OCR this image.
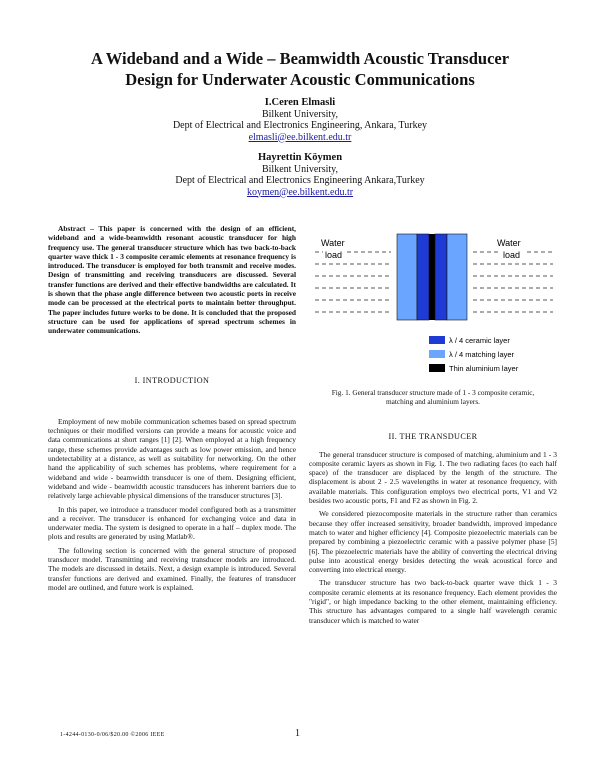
A Wideband and a Wide – Beamwidth Acoustic Transducer
Design for Underwater Acoustic Communications
I.Ceren Elmasli
Bilkent University,
Dept of Electrical and Electronics Engineering, Ankara, Turkey
elmasli@ee.bilkent.edu.tr
Hayrettin Köymen
Bilkent University,
Dept of Electrical and Electronics Engineering Ankara,Turkey
koymen@ee.bilkent.edu.tr

Abstract – This paper is concerned with the design of an efficient, wideband and a wide-beamwidth resonant acoustic transducer for high frequency use. The general transducer structure which has two back-to-back quarter wave thick 1 - 3 composite ceramic elements at resonance frequency is introduced. The transducer is employed for both transmit and receive modes. Design of transmitting and receiving transducers are discussed. Several transfer functions are derived and their effective bandwidths are calculated. It is shown that the phase angle difference between two acoustic ports in receive mode can be processed at the electrical ports to maintain better throughput. The paper includes future works to be done. It is concluded that the proposed structure can be used for applications of spread spectrum schemes in underwater communications.

I. INTRODUCTION

Employment of new mobile communication schemes based on spread spectrum techniques or their modified versions can provide a means for acoustic voice and data communications at short ranges [1] [2]. When employed at a high frequency range, these schemes provide advantages such as low power emission, and hence undetectability at a distance, as well as suitability for networking. On the other hand the applicability of such schemes has problems, where requirement for a wideband and wide - beamwidth transducer is one of them. Designing efficient, wideband and wide - beamwidth acoustic transducers has inherent barriers due to relatively large achievable physical dimensions of the transducer structures [3].

In this paper, we introduce a transducer model configured both as a transmitter and a receiver. The transducer is enhanced for exchanging voice and data in underwater media. The system is designed to operate in a half – duplex mode. The plots and results are generated by using Matlab®.

The following section is concerned with the general structure of proposed transducer model. Transmitting and receiving transducer models are introduced. The models are discussed in details. Next, a design example is introduced. Several transfer functions are derived and examined. Finally, the features of transducer model are outlined, and future work is explained.

Water
load
Water
load
λ / 4 ceramic layer
λ / 4 matching layer
Thin aluminium layer
Fig. 1. General transducer structure made of 1 - 3 composite ceramic, matching and aluminium layers.
II. THE TRANSDUCER

The general transducer structure is composed of matching, aluminium and 1 - 3 composite ceramic layers as shown in Fig. 1. The two radiating faces (to each half space) of the transducer are displaced by the length of the structure. The displacement is about 2 - 2.5 wavelengths in water at resonance frequency, with available materials. This configuration employs two electrical ports, V1 and V2 besides two acoustic ports, F1 and F2 as shown in Fig. 2.

We considered piezocomposite materials in the structure rather than ceramics because they offer increased sensitivity, broader bandwidth, improved impedance match to water and higher efficiency [4]. Composite piezoelectric materials can be prepared by combining a piezoelectric ceramic with a passive polymer phase [5] [6]. The piezoelectric materials have the ability of converting the electrical driving pulse into acoustical energy besides detecting the weak acoustical force and converting into electrical energy.

The transducer structure has two back-to-back quarter wave thick 1 - 3 composite ceramic elements at its resonance frequency. Each element provides the "rigid", or high impedance backing to the other element, maintaining efficiency. This structure has advantages compared to a single half wavelength ceramic transducer which is matched to water

1-4244-0130-0/06/$20.00 ©2006 IEEE	1
